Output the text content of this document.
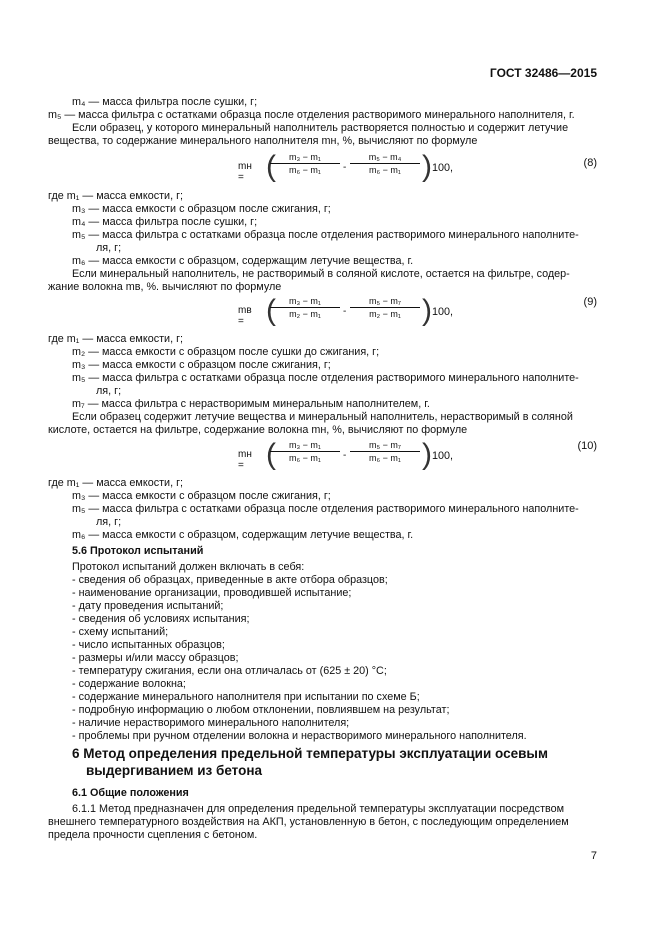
ГОСТ 32486—2015
m₄ — масса фильтра после сушки, г;
m₅ — масса фильтра с остатками образца после отделения растворимого минерального наполнителя, г.
Если образец, у которого минеральный наполнитель растворяется полностью и содержит летучие
вещества, то содержание минерального наполнителя mн, %, вычисляют по формуле
mн = (
$\frac{\text{m₃ − m₁}}{\text{m₆ − m₁}} - \frac{\text{m₅ − m₄}}{\text{m₆ − m₁}}$ ) 100,	(8)
где m₁ — масса емкости, г;
m₃ — масса емкости с образцом после сжигания, г;
m₄ — масса фильтра после сушки, г;
m₅ — масса фильтра с остатками образца после отделения растворимого минерального наполните-
ля, г;
m₆ — масса емкости с образцом, содержащим летучие вещества, г.
Если минеральный наполнитель, не растворимый в соляной кислоте, остается на фильтре, содер-
жание волокна mв, %. вычисляют по формуле
mв = (
$\frac{\text{m₃ − m₁}}{\text{m₂ − m₁}} - \frac{\text{m₅ − m₇}}{\text{m₂ − m₁}}$ ) 100,
(9)
где m₁ — масса емкости, г;
m₂ — масса емкости с образцом после сушки до сжигания, г;
m₃ — масса емкости с образцом после сжигания, г;
m₅ — масса фильтра с остатками образца после отделения растворимого минерального наполните-
ля, г;
m₇ — масса фильтра с нерастворимым минеральным наполнителем, г.
Если образец содержит летучие вещества и минеральный наполнитель, нерастворимый в соляной
кислоте, остается на фильтре, содержание волокна mн, %, вычисляют по формуле
mн = (
$\frac{\text{m₃ − m₁}}{\text{m₆ − m₁}} - \frac{\text{m₅ − m₇}}{\text{m₆ − m₁}}$ ) 100,
(10)
где m₁ — масса емкости, г;
m₃ — масса емкости с образцом после сжигания, г;
m₅ — масса фильтра с остатками образца после отделения растворимого минерального наполните-
ля, г;
m₆ — масса емкости с образцом, содержащим летучие вещества, г.
5.6 Протокол испытаний
Протокол испытаний должен включать в себя:
- сведения об образцах, приведенные в акте отбора образцов;
- наименование организации, проводившей испытание;
- дату проведения испытаний;
- сведения об условиях испытания;
- схему испытаний;
- число испытанных образцов;
- размеры и/или массу образцов;
- температуру сжигания, если она отличалась от (625 ± 20) °С;
- содержание волокна;
- содержание минерального наполнителя при испытании по схеме Б;
- подробную информацию о любом отклонении, повлиявшем на результат;
- наличие нерастворимого минерального наполнителя;
- проблемы при ручном отделении волокна и нерастворимого минерального наполнителя.
6 Метод определения предельной температуры эксплуатации осевым
выдергиванием из бетона
6.1 Общие положения
6.1.1 Метод предназначен для определения предельной температуры эксплуатации посредством
внешнего температурного воздействия на АКП, установленную в бетон, с последующим определением
предела прочности сцепления с бетоном.
7
